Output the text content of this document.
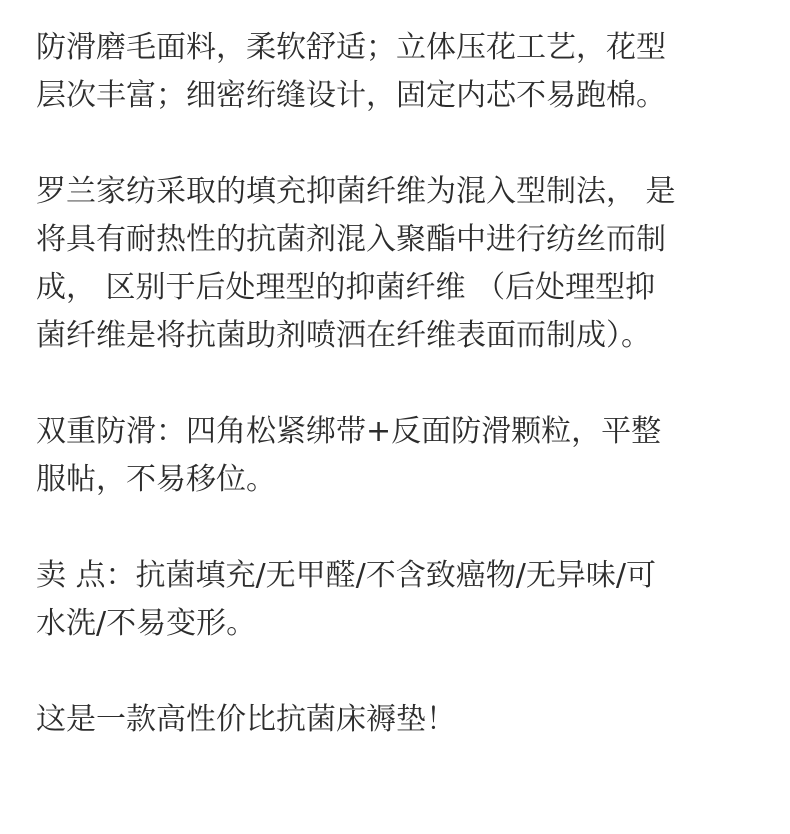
防滑磨毛面料，柔软舒适；立体压花工艺，花型
层次丰富；细密绗缝设计，固定内芯不易跑棉。

罗兰家纺采取的填充抑菌纤维为混入型制法， 是
将具有耐热性的抗菌剂混入聚酯中进行纺丝而制
成， 区别于后处理型的抑菌纤维 （后处理型抑
菌纤维是将抗菌助剂喷洒在纤维表面而制成）。

双重防滑：四角松紧绑带+反面防滑颗粒，平整
服帖，不易移位。

卖 点：抗菌填充/无甲醛/不含致癌物/无异味/可
水洗/不易变形。

这是一款高性价比抗菌床褥垫！
